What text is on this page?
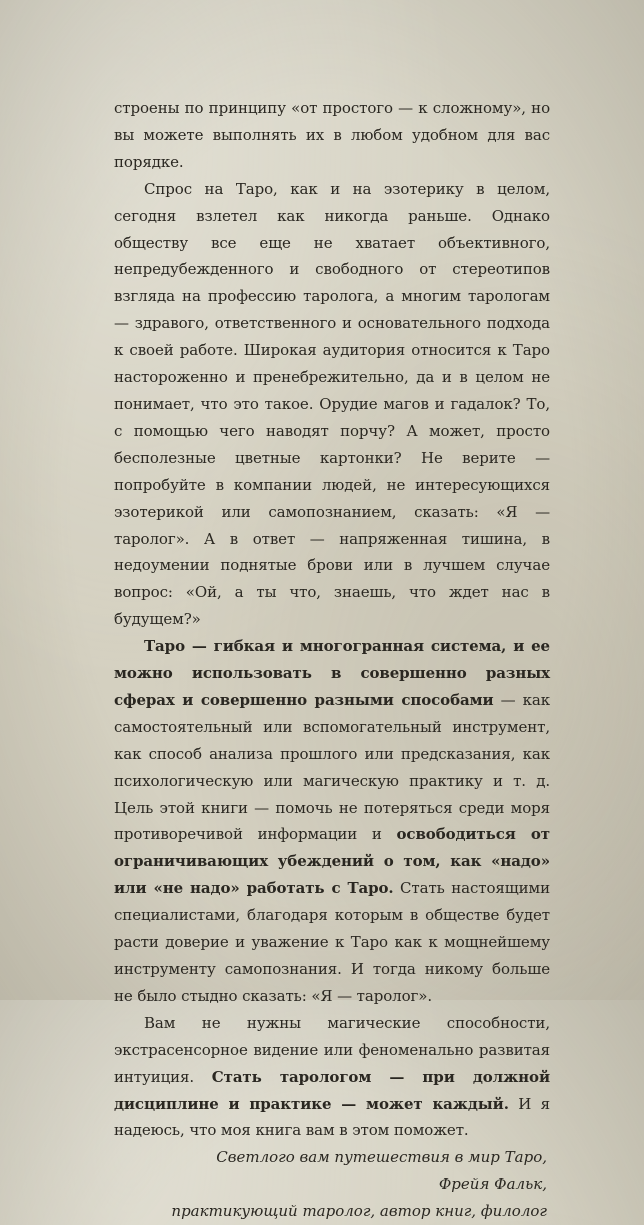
строены по принципу «от простого — к сложному», но вы можете выполнять их в любом удобном для вас порядке.

Спрос на Таро, как и на эзотерику в целом, сегодня взлетел как никогда раньше. Однако обществу все еще не хватает объективного, непредубежденного и свободного от стереотипов взгляда на профессию таролога, а многим тарологам — здравого, ответственного и основательного подхода к своей работе. Широкая аудитория относится к Таро настороженно и пренебрежительно, да и в целом не понимает, что это такое. Орудие магов и гадалок? То, с помощью чего наводят порчу? А может, просто бесполезные цветные картонки? Не верите — попробуйте в компании людей, не интересующихся эзотерикой или самопознанием, сказать: «Я — таролог». А в ответ — напряженная тишина, в недоумении поднятые брови или в лучшем случае вопрос: «Ой, а ты что, знаешь, что ждет нас в будущем?»

Таро — гибкая и многогранная система, и ее можно использовать в совершенно разных сферах и совершенно разными способами — как самостоятельный или вспомогательный инструмент, как способ анализа прошлого или предсказания, как психологическую или магическую практику и т. д. Цель этой книги — помочь не потеряться среди моря противоречивой информации и освободиться от ограничивающих убеждений о том, как «надо» или «не надо» работать с Таро. Стать настоящими специалистами, благодаря которым в обществе будет расти доверие и уважение к Таро как к мощнейшему инструменту самопознания. И тогда никому больше не было стыдно сказать: «Я — таролог».

Вам не нужны магические способности, экстрасенсорное видение или феноменально развитая интуиция. Стать тарологом — при должной дисциплине и практике — может каждый. И я надеюсь, что моя книга вам в этом поможет.

Светлого вам путешествия в мир Таро,

Фрейя Фальк,

практикующий таролог, автор книг, филолог
